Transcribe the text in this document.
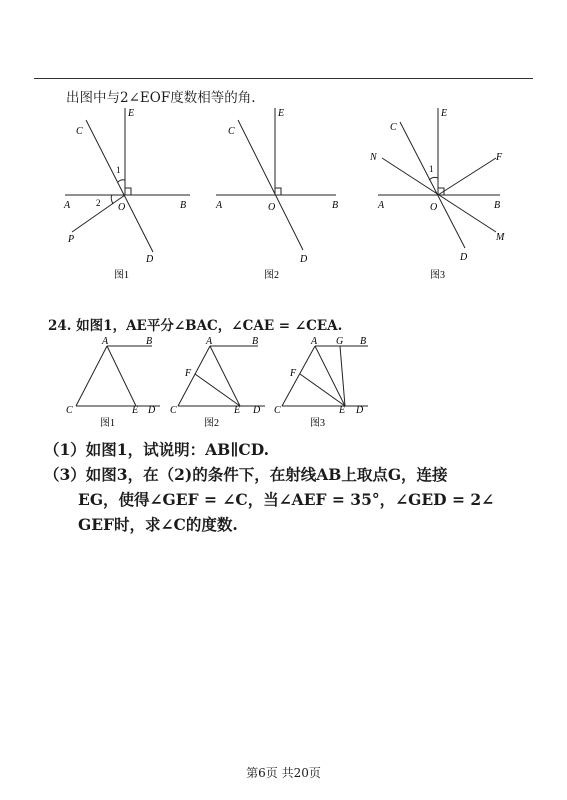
出图中与2∠EOF度数相等的角.
E
C
1
2
A	O	B
P
D
图1
E
C
A	O	B
D
图2
E
C
N	F
1
A	O	B
M
D
图3
24. 如图1，AE平分∠BAC，∠CAE = ∠CEA.
A	B
C	E D
图1
A	B
F
C	E D
图2
A G B
F
C	E D
图3
（1）如图1，试说明：AB∥CD.
（3）如图3，在（2)的条件下，在射线AB上取点G，连接
EG，使得∠GEF = ∠C，当∠AEF = 35°，∠GED = 2∠
GEF时，求∠C的度数.
第6页 共20页
